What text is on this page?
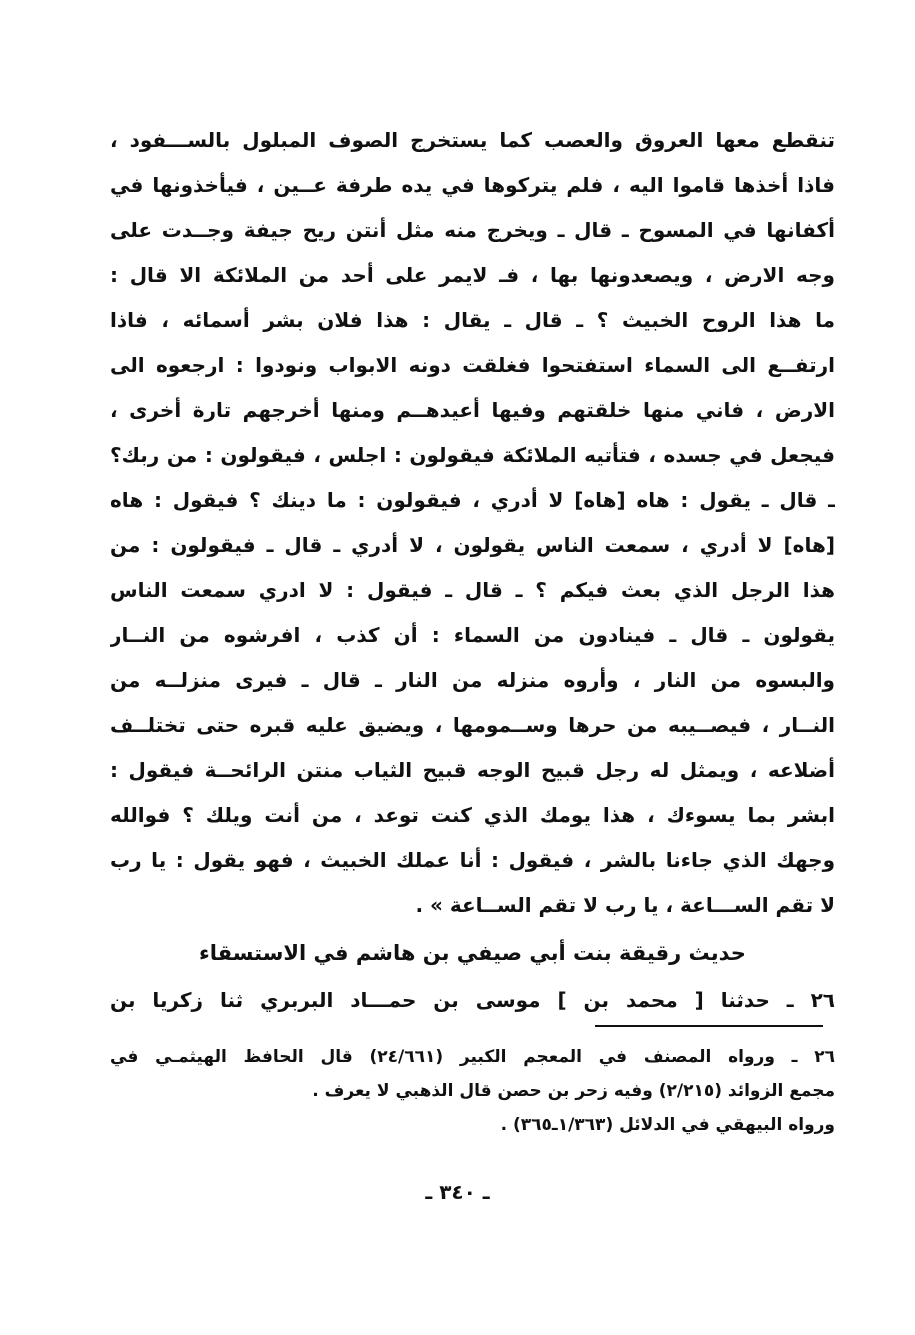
تنقطع معها العروق والعصب كما يستخرج الصوف المبلول بالســـفود ،
فاذا أخذها قاموا اليه ، فلم يتركوها في يده طرفة عــين ، فيأخذونها في
أكفانها في المسوح ـ قال ـ ويخرج منه مثل أنتن ريح جيفة وجــدت على
وجه الارض ، ويصعدونها بها ، فـ لايمر على أحد من الملائكة الا قال :
ما هذا الروح الخبيث ؟ ـ قال ـ يقال : هذا فلان بشر أسمائه ، فاذا
ارتفــع الى السماء استفتحوا فغلقت دونه الابواب ونودوا : ارجعوه الى
الارض ، فاني منها خلقتهم وفيها أعيدهــم ومنها أخرجهم تارة أخرى ،
فيجعل في جسده ، فتأتيه الملائكة فيقولون : اجلس ، فيقولون : من ربك؟
ـ قال ـ يقول : هاه [هاه] لا أدري ، فيقولون : ما دينك ؟ فيقول : هاه
[هاه] لا أدري ، سمعت الناس يقولون ، لا أدري ـ قال ـ فيقولون : من
هذا الرجل الذي بعث فيكم ؟ ـ قال ـ فيقول : لا ادري سمعت الناس
يقولون ـ قال ـ فينادون من السماء : أن كذب ، افرشوه من النــار
والبسوه من النار ، وأروه منزله من النار ـ قال ـ فيرى منزلــه من
النــار ، فيصــيبه من حرها وســمومها ، ويضيق عليه قبره حتى تختلــف
أضلاعه ، ويمثل له رجل قبيح الوجه قبيح الثياب منتن الرائحــة فيقول :
ابشر بما يسوءك ، هذا يومك الذي كنت توعد ، من أنت ويلك ؟ فوالله
وجهك الذي جاءنا بالشر ، فيقول : أنا عملك الخبيث ، فهو يقول : يا رب
لا تقم الســـاعة ، يا رب لا تقم الســاعة » .
حديث رقيقة بنت أبي صيفي بن هاشم في الاستسقاء
٢٦ ـ حدثنا [ محمد بن ] موسى بن حمـــاد البربري ثنا زكريا بن
٢٦ ـ ورواه المصنف في المعجم الكبير (٢٤/٦٦١) قال الحافظ الهيثمـي في
مجمع الزوائد (٢/٢١٥) وفيه زحر بن حصن قال الذهبي لا يعرف .
ورواه البيهقي في الدلائل (١/٣٦٣ـ٣٦٥) .
ـ ٣٤٠ ـ
